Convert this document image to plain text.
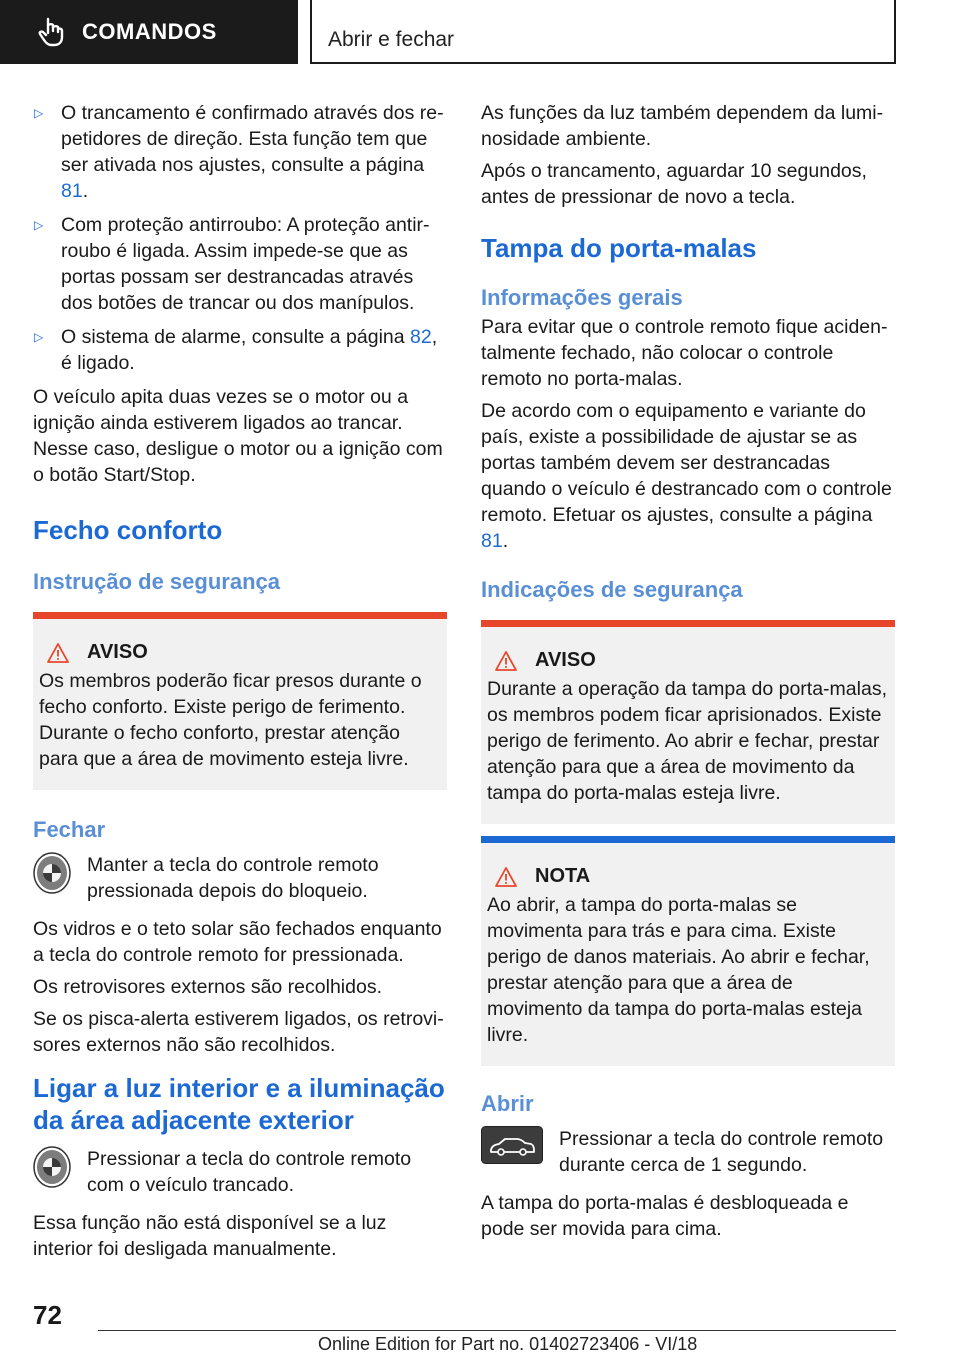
COMANDOS	Abrir e fechar
▷ O trancamento é confirmado através dos repetidores de direção. Esta função tem que ser ativada nos ajustes, consulte a página 81.
▷ Com proteção antirroubo: A proteção antirroubo é ligada. Assim impede-se que as portas possam ser destrancadas através dos botões de trancar ou dos manípulos.
▷ O sistema de alarme, consulte a página 82, é ligado.

O veículo apita duas vezes se o motor ou a ignição ainda estiverem ligados ao trancar. Nesse caso, desligue o motor ou a ignição com o botão Start/Stop.

Fecho conforto
Instrução de segurança
AVISO

Os membros poderão ficar presos durante o fecho conforto. Existe perigo de ferimento. Durante o fecho conforto, prestar atenção para que a área de movimento esteja livre.

Fechar

Manter a tecla do controle remoto pressionada depois do bloqueio.

Os vidros e o teto solar são fechados enquanto a tecla do controle remoto for pressionada.

Os retrovisores externos são recolhidos.

Se os pisca-alerta estiverem ligados, os retrovisores externos não são recolhidos.

Ligar a luz interior e a iluminação da área adjacente exterior

Pressionar a tecla do controle remoto com o veículo trancado.

Essa função não está disponível se a luz interior foi desligada manualmente.

As funções da luz também dependem da luminosidade ambiente.

Após o trancamento, aguardar 10 segundos, antes de pressionar de novo a tecla.

Tampa do porta-malas
Informações gerais

Para evitar que o controle remoto fique acidentalmente fechado, não colocar o controle remoto no porta-malas.

De acordo com o equipamento e variante do país, existe a possibilidade de ajustar se as portas também devem ser destrancadas quando o veículo é destrancado com o controle remoto. Efetuar os ajustes, consulte a página 81.

Indicações de segurança
AVISO

Durante a operação da tampa do porta-malas, os membros podem ficar aprisionados. Existe perigo de ferimento. Ao abrir e fechar, prestar atenção para que a área de movimento da tampa do porta-malas esteja livre.

NOTA

Ao abrir, a tampa do porta-malas se movimenta para trás e para cima. Existe perigo de danos materiais. Ao abrir e fechar, prestar atenção para que a área de movimento da tampa do porta-malas esteja livre.

Abrir

Pressionar a tecla do controle remoto durante cerca de 1 segundo.

A tampa do porta-malas é desbloqueada e pode ser movida para cima.

72
Online Edition for Part no. 01402723406 - VI/18
